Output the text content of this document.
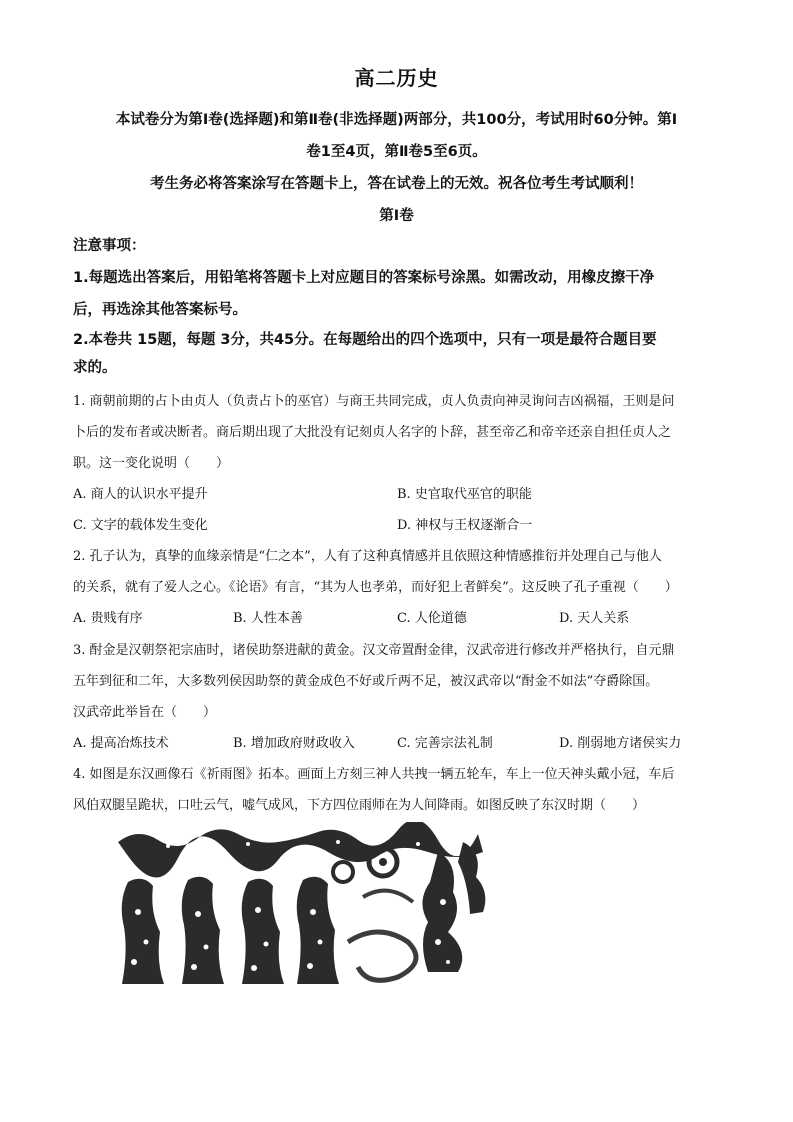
高二历史
本试卷分为第Ⅰ卷(选择题)和第Ⅱ卷(非选择题)两部分，共100分，考试用时60分钟。第Ⅰ
卷1至4页，第Ⅱ卷5至6页。
考生务必将答案涂写在答题卡上，答在试卷上的无效。祝各位考生考试顺利！
第Ⅰ卷
注意事项：
1.每题选出答案后，用铅笔将答题卡上对应题目的答案标号涂黑。如需改动，用橡皮擦干净
后，再选涂其他答案标号。
2.本卷共 15题，每题 3分，共45分。在每题给出的四个选项中，只有一项是最符合题目要
求的。
1. 商朝前期的占卜由贞人（负责占卜的巫官）与商王共同完成，贞人负责向神灵询问吉凶祸福，王则是问
卜后的发布者或决断者。商后期出现了大批没有记刻贞人名字的卜辞，甚至帝乙和帝辛还亲自担任贞人之
职。这一变化说明（　　）
A. 商人的认识水平提升	B. 史官取代巫官的职能
C. 文字的载体发生变化	D. 神权与王权逐渐合一
2. 孔子认为，真挚的血缘亲情是“仁之本”，人有了这种真情感并且依照这种情感推衍并处理自己与他人
的关系，就有了爱人之心。《论语》有言，“其为人也孝弟，而好犯上者鲜矣”。这反映了孔子重视（　　）
A. 贵贱有序	B. 人性本善	C. 人伦道德	D. 天人关系
3. 酎金是汉朝祭祀宗庙时，诸侯助祭进献的黄金。汉文帝置酎金律，汉武帝进行修改并严格执行，自元鼎
五年到征和二年，大多数列侯因助祭的黄金成色不好或斤两不足，被汉武帝以“酎金不如法”夺爵除国。
汉武帝此举旨在（　　）
A. 提高冶炼技术	B. 增加政府财政收入	C. 完善宗法礼制	D. 削弱地方诸侯实力
4. 如图是东汉画像石《祈雨图》拓本。画面上方刻三神人共拽一辆五轮车，车上一位天神头戴小冠，车后
风伯双腿呈跪状，口吐云气，嘘气成风，下方四位雨师在为人间降雨。如图反映了东汉时期（　　）
